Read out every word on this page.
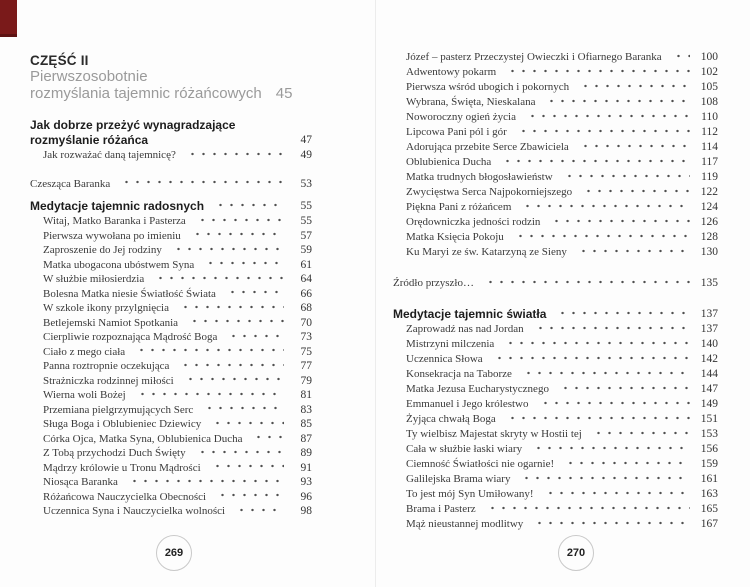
CZĘŚĆ II
Pierwszosobotnie
rozmyślania tajemnic różańcowych 45
Jak dobrze przeżyć wynagradzające rozmyślanie różańca	47
Jak rozważać daną tajemnicę?	49
Czesząca Baranka	53
Medytacje tajemnic radosnych	55
Witaj, Matko Baranka i Pasterza	55
Pierwsza wywołana po imieniu	57
Zaproszenie do Jej rodziny	59
Matka ubogacona ubóstwem Syna	61
W służbie miłosierdzia	64
Bolesna Matka niesie Światłość Świata	66
W szkole ikony przylgnięcia	68
Betlejemski Namiot Spotkania	70
Cierpliwie rozpoznająca Mądrość Boga	73
Ciało z mego ciała	75
Panna roztropnie oczekująca	77
Strażniczka rodzinnej miłości	79
Wierna woli Bożej	81
Przemiana pielgrzymujących Serc	83
Sługa Boga i Oblubieniec Dziewicy	85
Córka Ojca, Matka Syna, Oblubienica Ducha	87
Z Tobą przychodzi Duch Święty	89
Mądrzy królowie u Tronu Mądrości	91
Niosąca Baranka	93
Różańcowa Nauczycielka Obecności	96
Uczennica Syna i Nauczycielka wolności	98
Józef – pasterz Przeczystej Owieczki i Ofiarnego Baranka	100
Adwentowy pokarm	102
Pierwsza wśród ubogich i pokornych	105
Wybrana, Święta, Nieskalana	108
Noworoczny ogień życia	110
Lipcowa Pani pól i gór	112
Adorująca przebite Serce Zbawiciela	114
Oblubienica Ducha	117
Matka trudnych błogosławieństw	119
Zwycięstwa Serca Najpokorniejszego	122
Piękna Pani z różańcem	124
Orędowniczka jedności rodzin	126
Matka Księcia Pokoju	128
Ku Maryi ze św. Katarzyną ze Sieny	130
Źródło przyszło…	135
Medytacje tajemnic światła	137
Zaprowadź nas nad Jordan	137
Mistrzyni milczenia	140
Uczennica Słowa	142
Konsekracja na Taborze	144
Matka Jezusa Eucharystycznego	147
Emmanuel i Jego królestwo	149
Żyjąca chwałą Boga	151
Ty wielbisz Majestat skryty w Hostii tej	153
Cała w służbie łaski wiary	156
Ciemność Światłości nie ogarnie!	159
Galilejska Brama wiary	161
To jest mój Syn Umiłowany!	163
Brama i Pasterz	165
Mąż nieustannej modlitwy	167
269	270
